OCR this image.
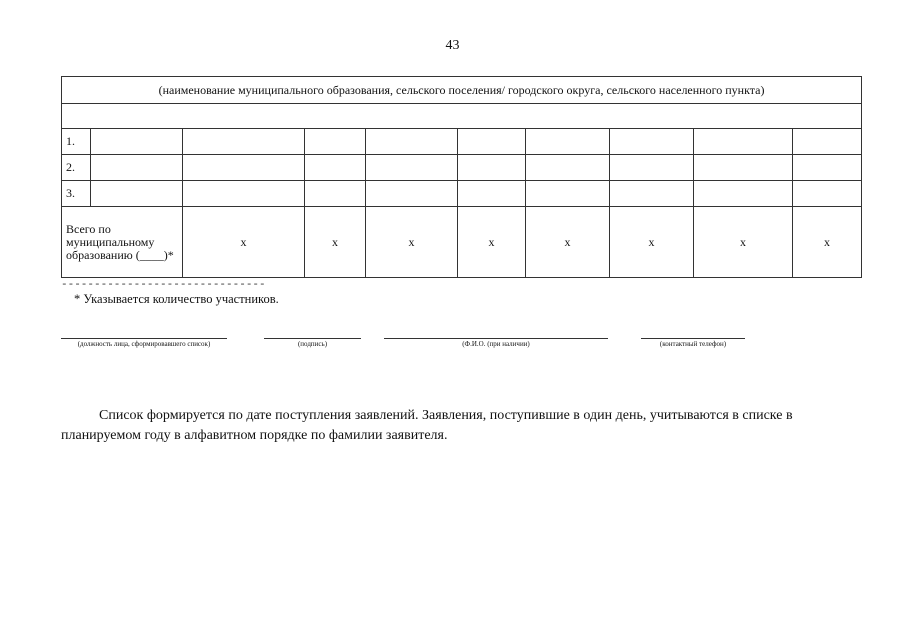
43
(наименование муниципального образования, сельского поселения/ городского округа, сельского населенного пункта)									

1.									
2.									
3.									
Всего по муниципальному образованию (____)*		х	х	х	х	х	х	х	х
-------------------------------
* Указывается количество участников.
(должность лица, сформировавшего список)	(подпись)	(Ф.И.О. (при наличии)	(контактный телефон)
Список формируется по дате поступления заявлений. Заявления, поступившие в один день, учитываются в списке в планируемом году в алфавитном порядке по фамилии заявителя.
